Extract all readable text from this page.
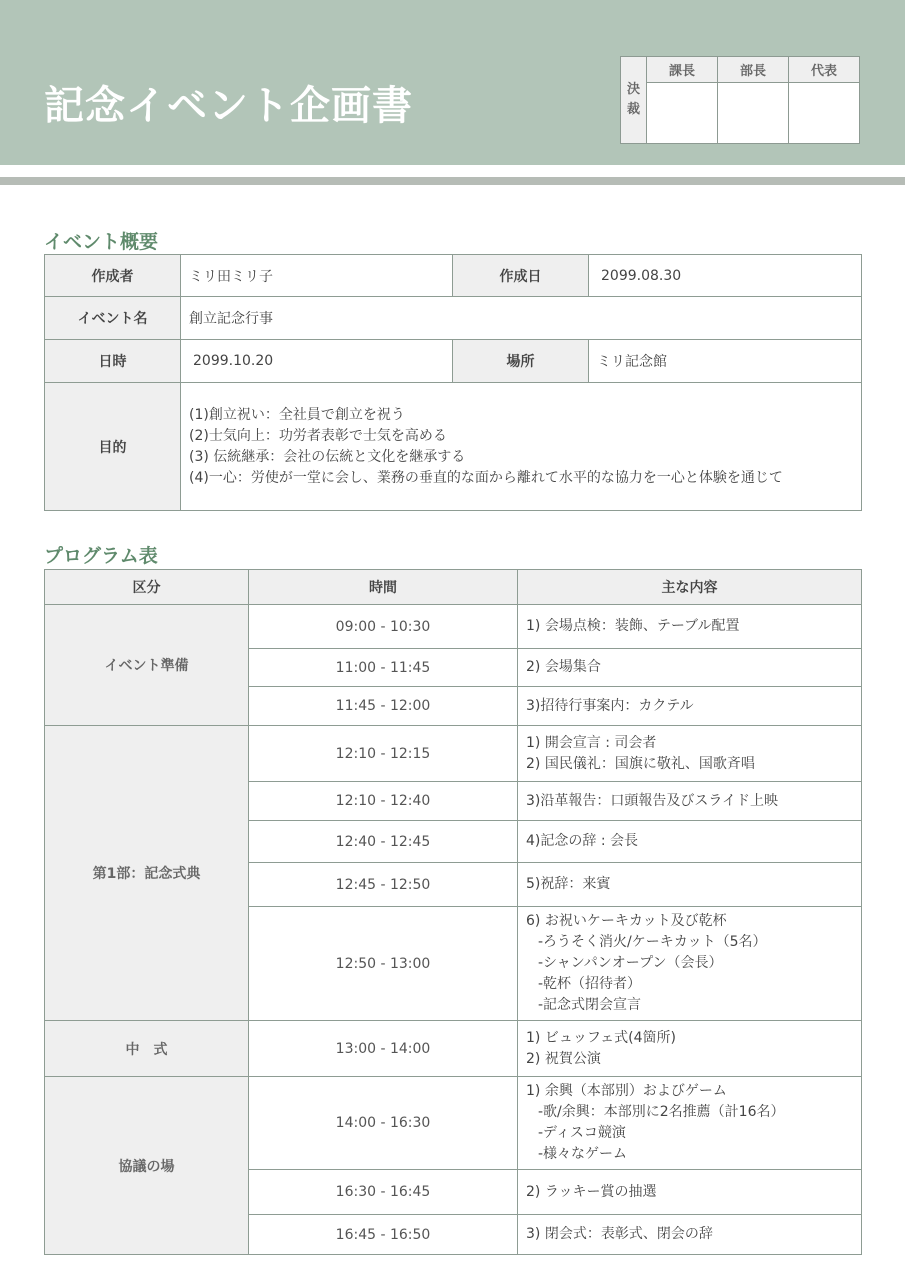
記念イベント企画書	決
裁	課長	部長	代表

イベント概要
作成者	ミリ田ミリ子	作成日	2099.08.30
イベント名	創立記念行事		
日時	2099.10.20	場所	ミリ記念館
目的	(1)創立祝い：全社員で創立を祝う
(2)士気向上：功労者表彰で士気を高める
(3) 伝統継承：会社の伝統と文化を継承する
(4)一心：労使が一堂に会し、業務の垂直的な面から離れて水平的な協力を一心と体験を通じて		
プログラム表
区分	時間	主な内容
イベント準備	09:00 - 10:30	1) 会場点検：装飾、テーブル配置

	11:00 - 11:45	2) 会場集合

	11:45 - 12:00	3)招待行事案内：カクテル

第1部：記念式典	12:10 - 12:15	1) 開会宣言 : 司会者
2) 国民儀礼：国旗に敬礼、国歌斉唱

	12:10 - 12:40	3)沿革報告：口頭報告及びスライド上映

	12:40 - 12:45	4)記念の辞 : 会長

	12:45 - 12:50	5)祝辞：来賓

	12:50 - 13:00	6) お祝いケーキカット及び乾杯
-ろうそく消火/ケーキカット（5名）
-シャンパンオープン（会長）
-乾杯（招待者）
-記念式閉会宣言

中　式	13:00 - 14:00	1) ビュッフェ式(4箇所)
2) 祝賀公演

協議の場	14:00 - 16:30	1) 余興（本部別）およびゲーム
-歌/余興：本部別に2名推薦（計16名）
-ディスコ競演
-様々なゲーム

	16:30 - 16:45	2) ラッキー賞の抽選

	16:45 - 16:50	3) 閉会式：表彰式、閉会の辞
